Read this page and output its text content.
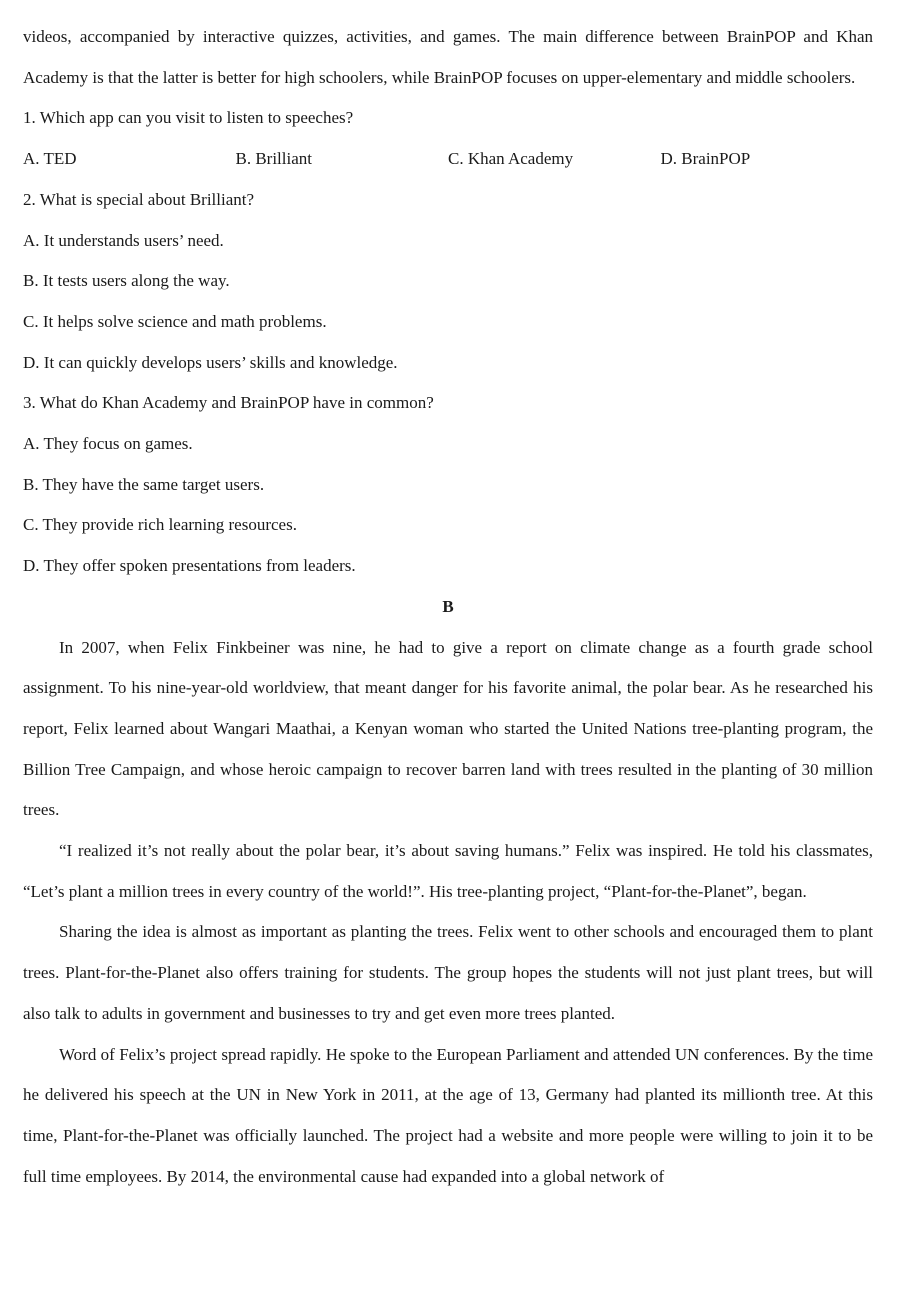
videos, accompanied by interactive quizzes, activities, and games. The main difference between BrainPOP and Khan Academy is that the latter is better for high schoolers, while BrainPOP focuses on upper-elementary and middle schoolers.

1. Which app can you visit to listen to speeches?

A. TED	B. Brilliant	C. Khan Academy	D. BrainPOP

2. What is special about Brilliant?

A. It understands users’ need.

B. It tests users along the way.

C. It helps solve science and math problems.

D. It can quickly develops users’ skills and knowledge.

3. What do Khan Academy and BrainPOP have in common?

A. They focus on games.

B. They have the same target users.

C. They provide rich learning resources.

D. They offer spoken presentations from leaders.

B

In 2007, when Felix Finkbeiner was nine, he had to give a report on climate change as a fourth grade school assignment. To his nine-year-old worldview, that meant danger for his favorite animal, the polar bear. As he researched his report, Felix learned about Wangari Maathai, a Kenyan woman who started the United Nations tree-planting program, the Billion Tree Campaign, and whose heroic campaign to recover barren land with trees resulted in the planting of 30 million trees.

“I realized it’s not really about the polar bear, it’s about saving humans.” Felix was inspired. He told his classmates, “Let’s plant a million trees in every country of the world!”. His tree-planting project, “Plant-for-the-Planet”, began.

Sharing the idea is almost as important as planting the trees. Felix went to other schools and encouraged them to plant trees. Plant-for-the-Planet also offers training for students. The group hopes the students will not just plant trees, but will also talk to adults in government and businesses to try and get even more trees planted.

Word of Felix’s project spread rapidly. He spoke to the European Parliament and attended UN conferences. By the time he delivered his speech at the UN in New York in 2011, at the age of 13, Germany had planted its millionth tree. At this time, Plant-for-the-Planet was officially launched. The project had a website and more people were willing to join it to be full time employees. By 2014, the environmental cause had expanded into a global network of
